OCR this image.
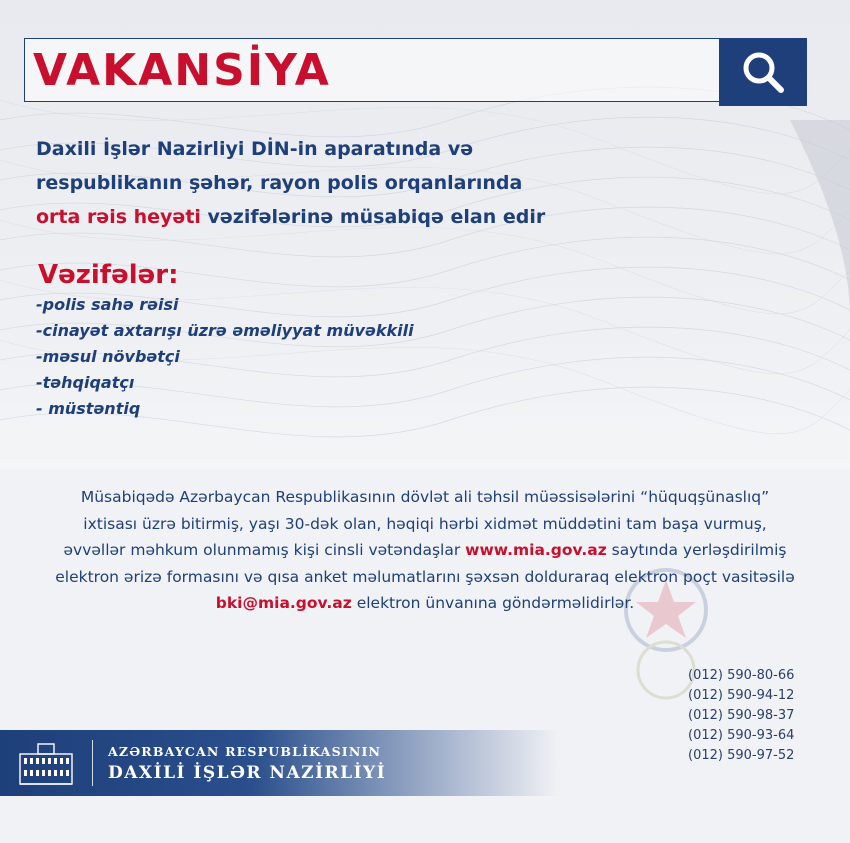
VAKANSİYA
Daxili İşlər Nazirliyi DİN-in aparatında və
respublikanın şəhər, rayon polis orqanlarında
orta rəis heyəti vəzifələrinə müsabiqə elan edir
Vəzifələr:
-polis sahə rəisi
-cinayət axtarışı üzrə əməliyyat müvəkkili
-məsul növbətçi
-təhqiqatçı
- müstəntiq
Müsabiqədə Azərbaycan Respublikasının dövlət ali təhsil müəssisələrini “hüquqşünaslıq”
ixtisası üzrə bitirmiş, yaşı 30-dək olan, həqiqi hərbi xidmət müddətini tam başa vurmuş,
əvvəllər məhkum olunmamış kişi cinsli vətəndaşlar www.mia.gov.az saytında yerləşdirilmiş
elektron ərizə formasını və qısa anket məlumatlarını şəxsən dolduraraq elektron poçt vasitəsilə
bki@mia.gov.az elektron ünvanına göndərməlidirlər.
(012) 590-80-66
(012) 590-94-12
(012) 590-98-37
(012) 590-93-64
(012) 590-97-52
AZƏRBAYCAN RESPUBLİKASININ
DAXİLİ İŞLƏR NAZİRLİYİ
